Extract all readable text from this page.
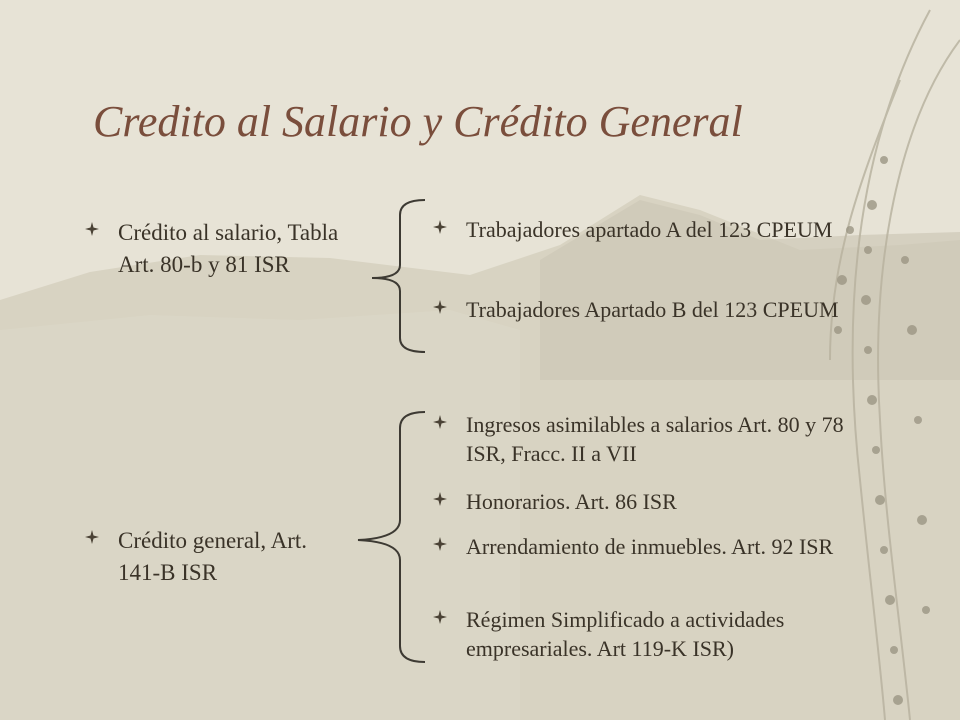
Credito al Salario y Crédito General
Crédito al salario, Tabla Art. 80-b y 81 ISR
Crédito general, Art. 141-B ISR
Trabajadores apartado A del 123 CPEUM
Trabajadores Apartado B del 123 CPEUM
Ingresos asimilables a salarios Art. 80 y 78 ISR, Fracc. II a VII
Honorarios. Art. 86 ISR
Arrendamiento de inmuebles. Art. 92 ISR
Régimen Simplificado a actividades empresariales. Art 119-K ISR)
